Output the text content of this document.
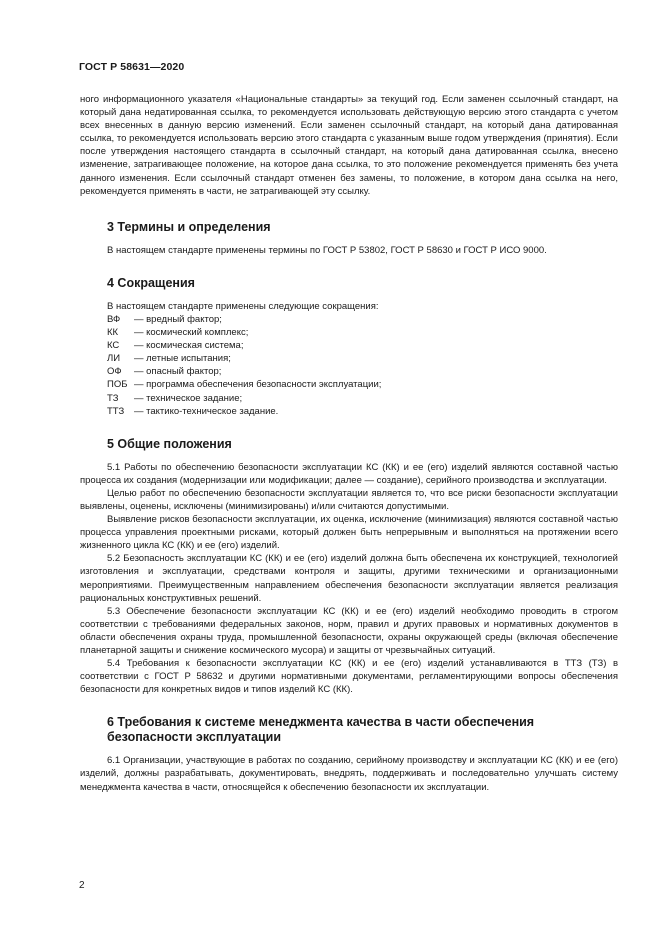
ГОСТ Р 58631—2020

ного информационного указателя «Национальные стандарты» за текущий год. Если заменен ссылочный стандарт, на который дана недатированная ссылка, то рекомендуется использовать действующую версию этого стандарта с учетом всех внесенных в данную версию изменений. Если заменен ссылочный стандарт, на который дана датированная ссылка, то рекомендуется использовать версию этого стандарта с указанным выше годом утверждения (принятия). Если после утверждения настоящего стандарта в ссылочный стандарт, на который дана датированная ссылка, внесено изменение, затрагивающее положение, на которое дана ссылка, то это положение рекомендуется применять без учета данного изменения. Если ссылочный стандарт отменен без замены, то положение, в котором дана ссылка на него, рекомендуется применять в части, не затрагивающей эту ссылку.

3 Термины и определения

В настоящем стандарте применены термины по ГОСТ Р 53802, ГОСТ Р 58630 и ГОСТ Р ИСО 9000.

4 Сокращения

В настоящем стандарте применены следующие сокращения:

ВФ	— вредный фактор;
КК	— космический комплекс;
КС	— космическая система;
ЛИ	— летные испытания;
ОФ	— опасный фактор;
ПОБ — программа обеспечения безопасности эксплуатации;
ТЗ	— техническое задание;
ТТЗ	— тактико-техническое задание.
5 Общие положения

5.1 Работы по обеспечению безопасности эксплуатации КС (КК) и ее (его) изделий являются составной частью процесса их создания (модернизации или модификации; далее — создание), серийного производства и эксплуатации.

Целью работ по обеспечению безопасности эксплуатации является то, что все риски безопасности эксплуатации выявлены, оценены, исключены (минимизированы) и/или считаются допустимыми.

Выявление рисков безопасности эксплуатации, их оценка, исключение (минимизация) являются составной частью процесса управления проектными рисками, который должен быть непрерывным и выполняться на протяжении всего жизненного цикла КС (КК) и ее (его) изделий.

5.2 Безопасность эксплуатации КС (КК) и ее (его) изделий должна быть обеспечена их конструкцией, технологией изготовления и эксплуатации, средствами контроля и защиты, другими техническими и организационными мероприятиями. Преимущественным направлением обеспечения безопасности эксплуатации является реализация рациональных конструктивных решений.

5.3 Обеспечение безопасности эксплуатации КС (КК) и ее (его) изделий необходимо проводить в строгом соответствии с требованиями федеральных законов, норм, правил и других правовых и нормативных документов в области обеспечения охраны труда, промышленной безопасности, охраны окружающей среды (включая обеспечение планетарной защиты и снижение космического мусора) и защиты от чрезвычайных ситуаций.

5.4 Требования к безопасности эксплуатации КС (КК) и ее (его) изделий устанавливаются в ТТЗ (ТЗ) в соответствии с ГОСТ Р 58632 и другими нормативными документами, регламентирующими вопросы обеспечения безопасности для конкретных видов и типов изделий КС (КК).

6 Требования к системе менеджмента качества в части обеспечения безопасности эксплуатации

6.1 Организации, участвующие в работах по созданию, серийному производству и эксплуатации КС (КК) и ее (его) изделий, должны разрабатывать, документировать, внедрять, поддерживать и последовательно улучшать систему менеджмента качества в части, относящейся к обеспечению безопасности их эксплуатации.

2
